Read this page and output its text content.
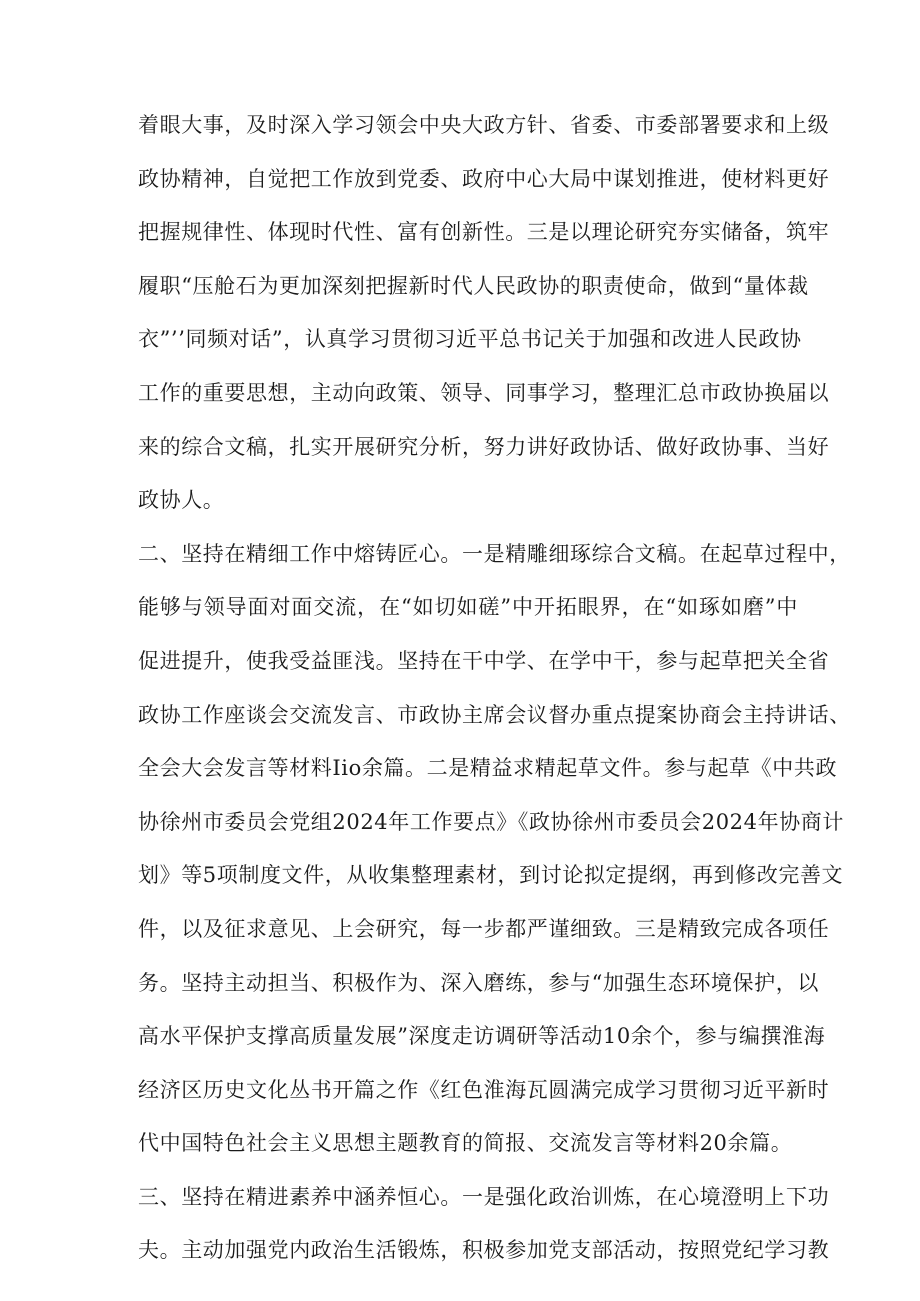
着眼大事，及时深入学习领会中央大政方针、省委、市委部署要求和上级
政协精神，自觉把工作放到党委、政府中心大局中谋划推进，使材料更好
把握规律性、体现时代性、富有创新性。三是以理论研究夯实储备，筑牢
履职“压舱石为更加深刻把握新时代人民政协的职责使命，做到“量体裁
衣”’’同频对话”，认真学习贯彻习近平总书记关于加强和改进人民政协
工作的重要思想，主动向政策、领导、同事学习，整理汇总市政协换届以
来的综合文稿，扎实开展研究分析，努力讲好政协话、做好政协事、当好
政协人。
二、坚持在精细工作中熔铸匠心。一是精雕细琢综合文稿。在起草过程中，
能够与领导面对面交流，在“如切如磋”中开拓眼界，在“如琢如磨”中
促进提升，使我受益匪浅。坚持在干中学、在学中干，参与起草把关全省
政协工作座谈会交流发言、市政协主席会议督办重点提案协商会主持讲话、
全会大会发言等材料Iio余篇。二是精益求精起草文件。参与起草《中共政
协徐州市委员会党组2024年工作要点》《政协徐州市委员会2024年协商计
划》等5项制度文件，从收集整理素材，到讨论拟定提纲，再到修改完善文
件，以及征求意见、上会研究，每一步都严谨细致。三是精致完成各项任
务。坚持主动担当、积极作为、深入磨练，参与“加强生态环境保护，以
高水平保护支撑高质量发展”深度走访调研等活动10余个，参与编撰淮海
经济区历史文化丛书开篇之作《红色淮海瓦圆满完成学习贯彻习近平新时
代中国特色社会主义思想主题教育的简报、交流发言等材料20余篇。
三、坚持在精进素养中涵养恒心。一是强化政治训炼，在心境澄明上下功
夫。主动加强党内政治生活锻炼，积极参加党支部活动，按照党纪学习教
